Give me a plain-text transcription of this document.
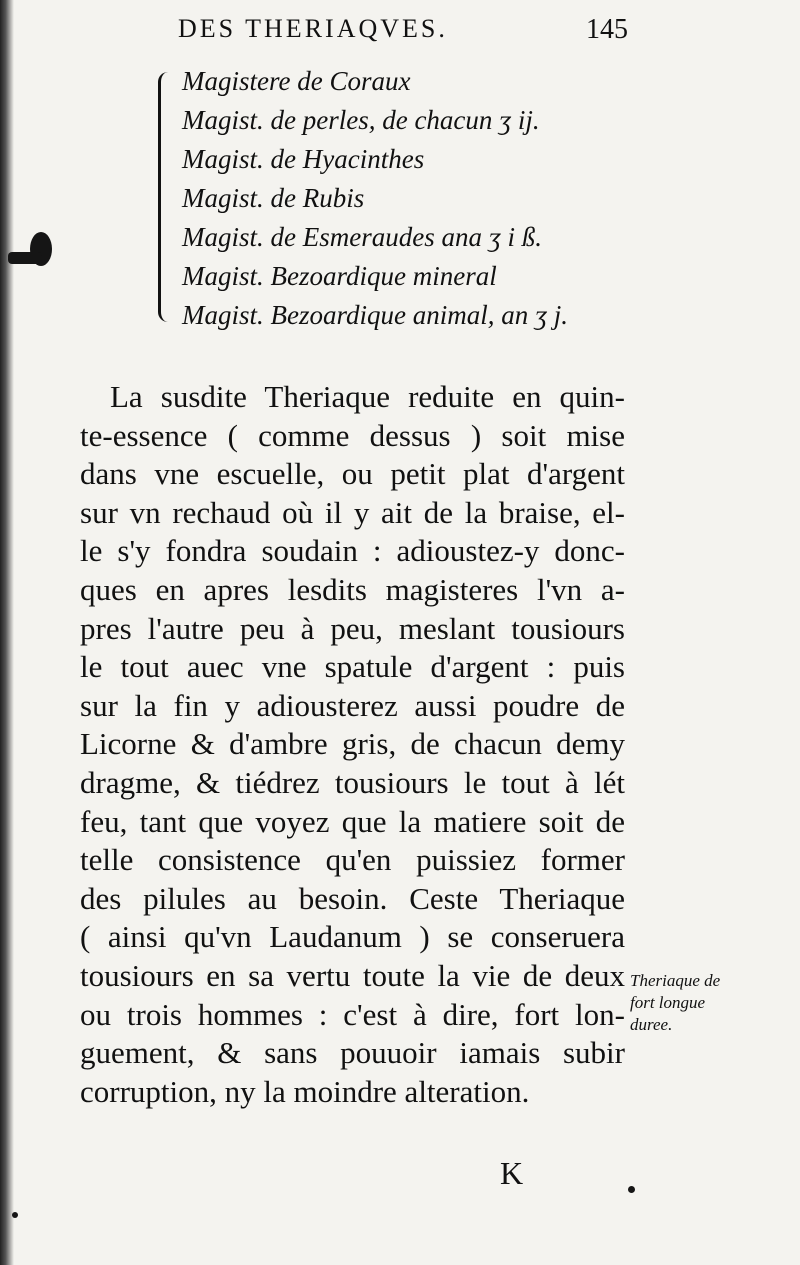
DES THERIAQVES.	145
Magistere de Coraux
Magist. de perles, de chacun ʒ ij.
Magist. de Hyacinthes
Magist. de Rubis
Magist. de Esmeraudes ana ʒ i ß.
Magist. Bezoardique mineral
Magist. Bezoardique animal, an ʒ j.
La susdite Theriaque reduite en quin-
te-essence ( comme dessus ) soit mise
dans vne escuelle, ou petit plat d'argent
sur vn rechaud où il y ait de la braise, el-
le s'y fondra soudain : adioustez-y donc-
ques en apres lesdits magisteres l'vn a-
pres l'autre peu à peu, meslant tousiours
le tout auec vne spatule d'argent : puis
sur la fin y adiousterez aussi poudre de
Licorne & d'ambre gris, de chacun demy
dragme, & tiédrez tousiours le tout à lét
feu, tant que voyez que la matiere soit de
telle consistence qu'en puissiez former
des pilules au besoin. Ceste Theriaque
( ainsi qu'vn Laudanum ) se conseruera
tousiours en sa vertu toute la vie de deux
ou trois hommes : c'est à dire, fort lon-
guement, & sans pouuoir iamais subir
corruption, ny la moindre alteration.
Theriaque de
fort longue
duree.
K
